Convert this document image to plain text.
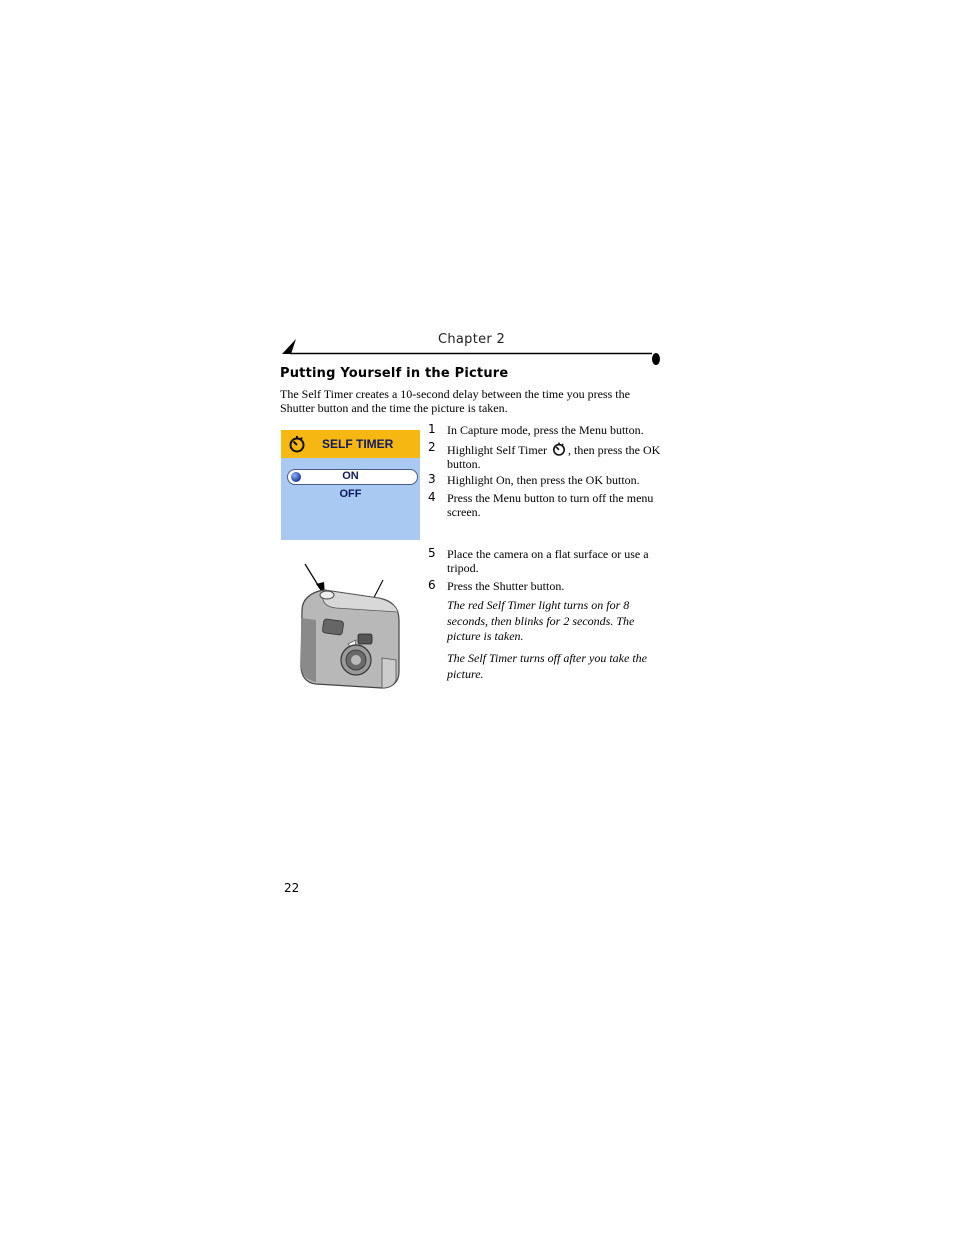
Chapter 2
Putting Yourself in the Picture
The Self Timer creates a 10-second delay between the time you press the Shutter button and the time the picture is taken.
SELF TIMER
ON
OFF
1 In Capture mode, press the Menu button.
2 Highlight Self Timer , then press the OK button.
3 Highlight On, then press the OK button.
4 Press the Menu button to turn off the menu screen.
5 Place the camera on a flat surface or use a tripod.
6 Press the Shutter button.
The red Self Timer light turns on for 8 seconds, then blinks for 2 seconds. The picture is taken.
The Self Timer turns off after you take the picture.
22
